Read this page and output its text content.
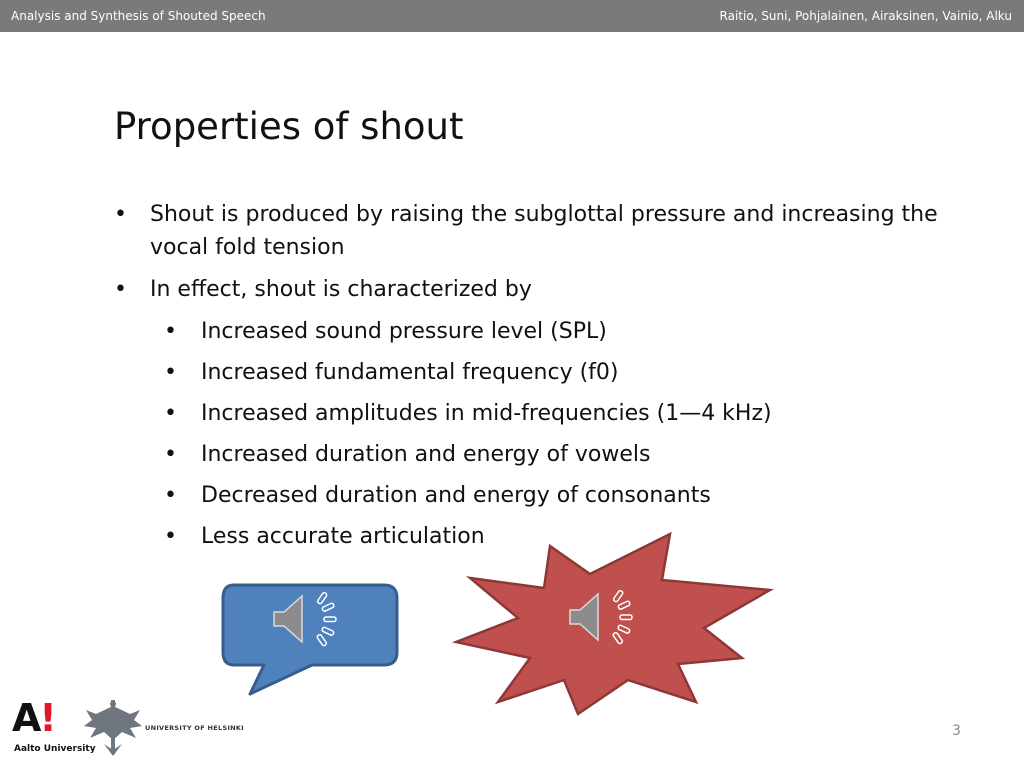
Analysis and Synthesis of Shouted Speech	Raitio, Suni, Pohjalainen, Airaksinen, Vainio, Alku
Properties of shout
•	Shout is produced by raising the subglottal pressure and increasing the vocal fold tension
•	In effect, shout is characterized by
•	Increased sound pressure level (SPL)
•	Increased fundamental frequency (f0)
•	Increased amplitudes in mid-frequencies (1—4 kHz)
•	Increased duration and energy of vowels
•	Decreased duration and energy of consonants
•	Less accurate articulation
A!
Aalto University
UNIVERSITY OF HELSINKI	3
